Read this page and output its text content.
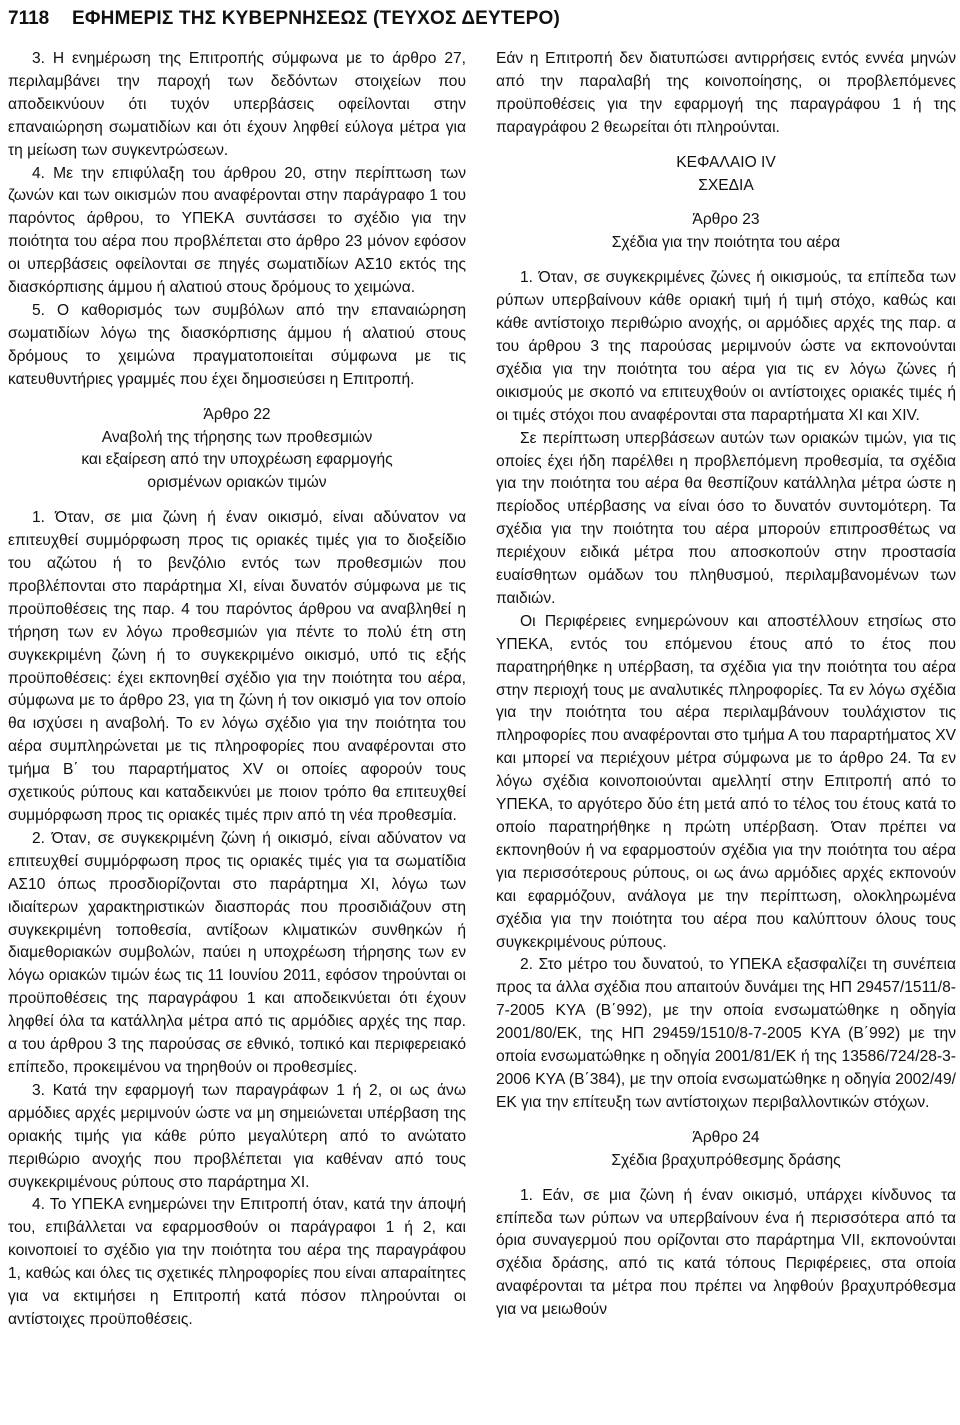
7118	ΕΦΗΜΕΡΙΣ ΤΗΣ ΚΥΒΕΡΝΗΣΕΩΣ (ΤΕΥΧΟΣ ΔΕΥΤΕΡΟ)

3. Η ενημέρωση της Επιτροπής σύμφωνα με το άρθρο 27, περιλαμβάνει την παροχή των δεδόντων στοιχείων που αποδεικνύουν ότι τυχόν υπερβάσεις οφείλονται στην επαναιώρηση σωματιδίων και ότι έχουν ληφθεί εύλογα μέτρα για τη μείωση των συγκεντρώσεων.

4. Με την επιφύλαξη του άρθρου 20, στην περίπτωση των ζωνών και των οικισμών που αναφέρονται στην παράγραφο 1 του παρόντος άρθρου, το ΥΠΕΚΑ συντάσσει το σχέδιο για την ποιότητα του αέρα που προβλέπεται στο άρθρο 23 μόνον εφόσον οι υπερβάσεις οφείλονται σε πηγές σωματιδίων ΑΣ10 εκτός της διασκόρπισης άμμου ή αλατιού στους δρόμους το χειμώνα.

5. Ο καθορισμός των συμβόλων από την επαναιώρηση σωματιδίων λόγω της διασκόρπισης άμμου ή αλατιού στους δρόμους το χειμώνα πραγματοποιείται σύμφωνα με τις κατευθυντήριες γραμμές που έχει δημοσιεύσει η Επιτροπή.

Άρθρο 22
Αναβολή της τήρησης των προθεσμιών
και εξαίρεση από την υποχρέωση εφαρμογής
ορισμένων οριακών τιμών

1. Όταν, σε μια ζώνη ή έναν οικισμό, είναι αδύνατον να επιτευχθεί συμμόρφωση προς τις οριακές τιμές για το διοξείδιο του αζώτου ή το βενζόλιο εντός των προθεσμιών που προβλέπονται στο παράρτημα XI, είναι δυνατόν σύμφωνα με τις προϋποθέσεις της παρ. 4 του παρόντος άρθρου να αναβληθεί η τήρηση των εν λόγω προθεσμιών για πέντε το πολύ έτη στη συγκεκριμένη ζώνη ή το συγκεκριμένο οικισμό, υπό τις εξής προϋποθέσεις: έχει εκπονηθεί σχέδιο για την ποιότητα του αέρα, σύμφωνα με το άρθρο 23, για τη ζώνη ή τον οικισμό για τον οποίο θα ισχύσει η αναβολή. Το εν λόγω σχέδιο για την ποιότητα του αέρα συμπληρώνεται με τις πληροφορίες που αναφέρονται στο τμήμα Β΄ του παραρτήματος XV οι οποίες αφορούν τους σχετικούς ρύπους και καταδεικνύει με ποιον τρόπο θα επιτευχθεί συμμόρφωση προς τις οριακές τιμές πριν από τη νέα προθεσμία.

2. Όταν, σε συγκεκριμένη ζώνη ή οικισμό, είναι αδύνατον να επιτευχθεί συμμόρφωση προς τις οριακές τιμές για τα σωματίδια ΑΣ10 όπως προσδιορίζονται στο παράρτημα XI, λόγω των ιδιαίτερων χαρακτηριστικών διασποράς που προσιδιάζουν στη συγκεκριμένη τοποθεσία, αντίξοων κλιματικών συνθηκών ή διαμεθοριακών συμβολών, παύει η υποχρέωση τήρησης των εν λόγω οριακών τιμών έως τις 11 Ιουνίου 2011, εφόσον τηρούνται οι προϋποθέσεις της παραγράφου 1 και αποδεικνύεται ότι έχουν ληφθεί όλα τα κατάλληλα μέτρα από τις αρμόδιες αρχές της παρ. α του άρθρου 3 της παρούσας σε εθνικό, τοπικό και περιφερειακό επίπεδο, προκειμένου να τηρηθούν οι προθεσμίες.

3. Κατά την εφαρμογή των παραγράφων 1 ή 2, οι ως άνω αρμόδιες αρχές μεριμνούν ώστε να μη σημειώνεται υπέρβαση της οριακής τιμής για κάθε ρύπο μεγαλύτερη από το ανώτατο περιθώριο ανοχής που προβλέπεται για καθέναν από τους συγκεκριμένους ρύπους στο παράρτημα XI.

4. Το ΥΠΕΚΑ ενημερώνει την Επιτροπή όταν, κατά την άποψή του, επιβάλλεται να εφαρμοσθούν οι παράγραφοι 1 ή 2, και κοινοποιεί το σχέδιο για την ποιότητα του αέρα της παραγράφου 1, καθώς και όλες τις σχετικές πληροφορίες που είναι απαραίτητες για να εκτιμήσει η Επιτροπή κατά πόσον πληρούνται οι αντίστοιχες προϋποθέσεις.

Εάν η Επιτροπή δεν διατυπώσει αντιρρήσεις εντός εννέα μηνών από την παραλαβή της κοινοποίησης, οι προβλεπόμενες προϋποθέσεις για την εφαρμογή της παραγράφου 1 ή της παραγράφου 2 θεωρείται ότι πληρούνται.

ΚΕΦΑΛΑΙΟ IV
ΣΧΕΔΙΑ
Άρθρο 23
Σχέδια για την ποιότητα του αέρα

1. Όταν, σε συγκεκριμένες ζώνες ή οικισμούς, τα επίπεδα των ρύπων υπερβαίνουν κάθε οριακή τιμή ή τιμή στόχο, καθώς και κάθε αντίστοιχο περιθώριο ανοχής, οι αρμόδιες αρχές της παρ. α του άρθρου 3 της παρούσας μεριμνούν ώστε να εκπονούνται σχέδια για την ποιότητα του αέρα για τις εν λόγω ζώνες ή οικισμούς με σκοπό να επιτευχθούν οι αντίστοιχες οριακές τιμές ή οι τιμές στόχοι που αναφέρονται στα παραρτήματα XI και XIV.

Σε περίπτωση υπερβάσεων αυτών των οριακών τιμών, για τις οποίες έχει ήδη παρέλθει η προβλεπόμενη προθεσμία, τα σχέδια για την ποιότητα του αέρα θα θεσπίζουν κατάλληλα μέτρα ώστε η περίοδος υπέρβασης να είναι όσο το δυνατόν συντομότερη. Τα σχέδια για την ποιότητα του αέρα μπορούν επιπροσθέτως να περιέχουν ειδικά μέτρα που αποσκοπούν στην προστασία ευαίσθητων ομάδων του πληθυσμού, περιλαμβανομένων των παιδιών.

Οι Περιφέρειες ενημερώνουν και αποστέλλουν ετησίως στο ΥΠΕΚΑ, εντός του επόμενου έτους από το έτος που παρατηρήθηκε η υπέρβαση, τα σχέδια για την ποιότητα του αέρα στην περιοχή τους με αναλυτικές πληροφορίες. Τα εν λόγω σχέδια για την ποιότητα του αέρα περιλαμβάνουν τουλάχιστον τις πληροφορίες που αναφέρονται στο τμήμα Α του παραρτήματος XV και μπορεί να περιέχουν μέτρα σύμφωνα με το άρθρο 24. Τα εν λόγω σχέδια κοινοποιούνται αμελλητί στην Επιτροπή από το ΥΠΕΚΑ, το αργότερο δύο έτη μετά από το τέλος του έτους κατά το οποίο παρατηρήθηκε η πρώτη υπέρβαση. Όταν πρέπει να εκπονηθούν ή να εφαρμοστούν σχέδια για την ποιότητα του αέρα για περισσότερους ρύπους, οι ως άνω αρμόδιες αρχές εκπονούν και εφαρμόζουν, ανάλογα με την περίπτωση, ολοκληρωμένα σχέδια για την ποιότητα του αέρα που καλύπτουν όλους τους συγκεκριμένους ρύπους.

2. Στο μέτρο του δυνατού, το ΥΠΕΚΑ εξασφαλίζει τη συνέπεια προς τα άλλα σχέδια που απαιτούν δυνάμει της ΗΠ 29457/1511/8-7-2005 ΚΥΑ (Β΄992), με την οποία ενσωματώθηκε η οδηγία 2001/80/ΕΚ, της ΗΠ 29459/1510/8-7-2005 ΚΥΑ (Β΄992) με την οποία ενσωματώθηκε η οδηγία 2001/81/ΕΚ ή της 13586/724/28-3-2006 ΚΥΑ (Β΄384), με την οποία ενσωματώθηκε η οδηγία 2002/49/ΕΚ για την επίτευξη των αντίστοιχων περιβαλλοντικών στόχων.

Άρθρο 24
Σχέδια βραχυπρόθεσμης δράσης

1. Εάν, σε μια ζώνη ή έναν οικισμό, υπάρχει κίνδυνος τα επίπεδα των ρύπων να υπερβαίνουν ένα ή περισσότερα από τα όρια συναγερμού που ορίζονται στο παράρτημα VII, εκπονούνται σχέδια δράσης, από τις κατά τόπους Περιφέρειες, στα οποία αναφέρονται τα μέτρα που πρέπει να ληφθούν βραχυπρόθεσμα για να μειωθούν
